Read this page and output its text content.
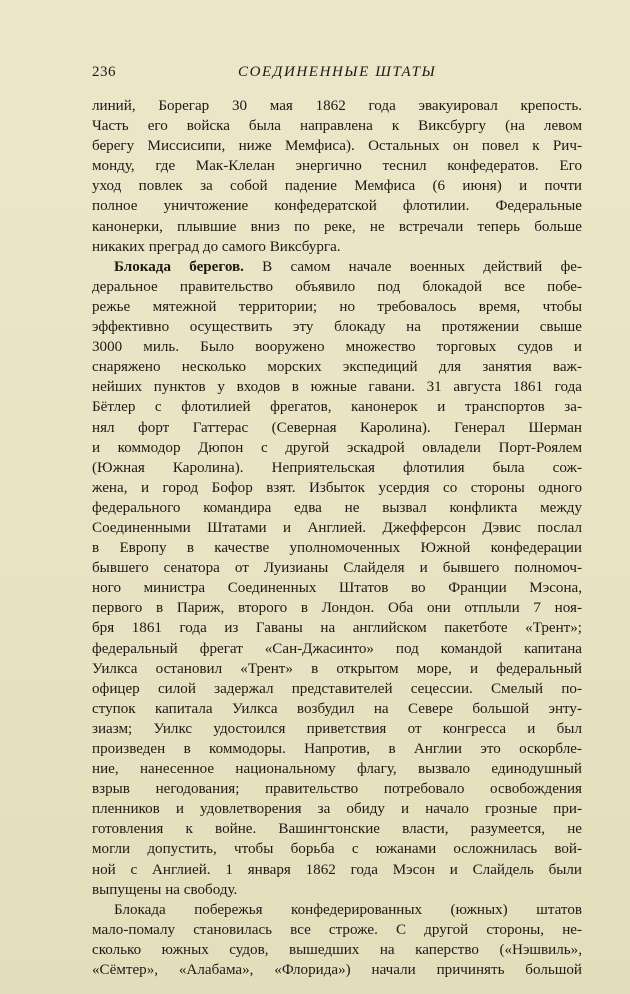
236	СОЕДИНЕННЫЕ ШТАТЫ
линий, Борегар 30 мая 1862 года эвакуировал крепость.
Часть его войска была направлена к Виксбургу (на левом
берегу Миссисипи, ниже Мемфиса). Остальных он повел к Рич-
монду, где Мак-Клелан энергично теснил конфедератов. Его
уход повлек за собой падение Мемфиса (6 июня) и почти
полное уничтожение конфедератской флотилии. Федеральные
канонерки, плывшие вниз по реке, не встречали теперь больше
никаких преград до самого Виксбурга.
Блокада берегов. В самом начале военных действий фе-
деральное правительство объявило под блокадой все побе-
режье мятежной территории; но требовалось время, чтобы
эффективно осуществить эту блокаду на протяжении свыше
3000 миль. Было вооружено множество торговых судов и
снаряжено несколько морских экспедиций для занятия важ-
нейших пунктов у входов в южные гавани. 31 августа 1861 года
Бётлер с флотилией фрегатов, канонерок и транспортов за-
нял форт Гаттерас (Северная Каролина). Генерал Шерман
и коммодор Дюпон с другой эскадрой овладели Порт-Роялем
(Южная Каролина). Неприятельская флотилия была сож-
жена, и город Бофор взят. Избыток усердия со стороны одного
федерального командира едва не вызвал конфликта между
Соединенными Штатами и Англией. Джефферсон Дэвис послал
в Европу в качестве уполномоченных Южной конфедерации
бывшего сенатора от Луизианы Слайделя и бывшего полномоч-
ного министра Соединенных Штатов во Франции Мэсона,
первого в Париж, второго в Лондон. Оба они отплыли 7 ноя-
бря 1861 года из Гаваны на английском пакетботе «Трент»;
федеральный фрегат «Сан-Джасинто» под командой капитана
Уилкса остановил «Трент» в открытом море, и федеральный
офицер силой задержал представителей сецессии. Смелый по-
ступок капитала Уилкса возбудил на Севере большой энту-
зиазм; Уилкс удостоился приветствия от конгресса и был
произведен в коммодоры. Напротив, в Англии это оскорбле-
ние, нанесенное национальному флагу, вызвало единодушный
взрыв негодования; правительство потребовало освобождения
пленников и удовлетворения за обиду и начало грозные при-
готовления к войне. Вашингтонские власти, разумеется, не
могли допустить, чтобы борьба с южанами осложнилась вой-
ной с Англией. 1 января 1862 года Мэсон и Слайдель были
выпущены на свободу.
Блокада побережья конфедерированных (южных) штатов
мало-помалу становилась все строже. С другой стороны, не-
сколько южных судов, вышедших на каперство («Нэшвиль»,
«Сёмтер», «Алабама», «Флорида») начали причинять большой
